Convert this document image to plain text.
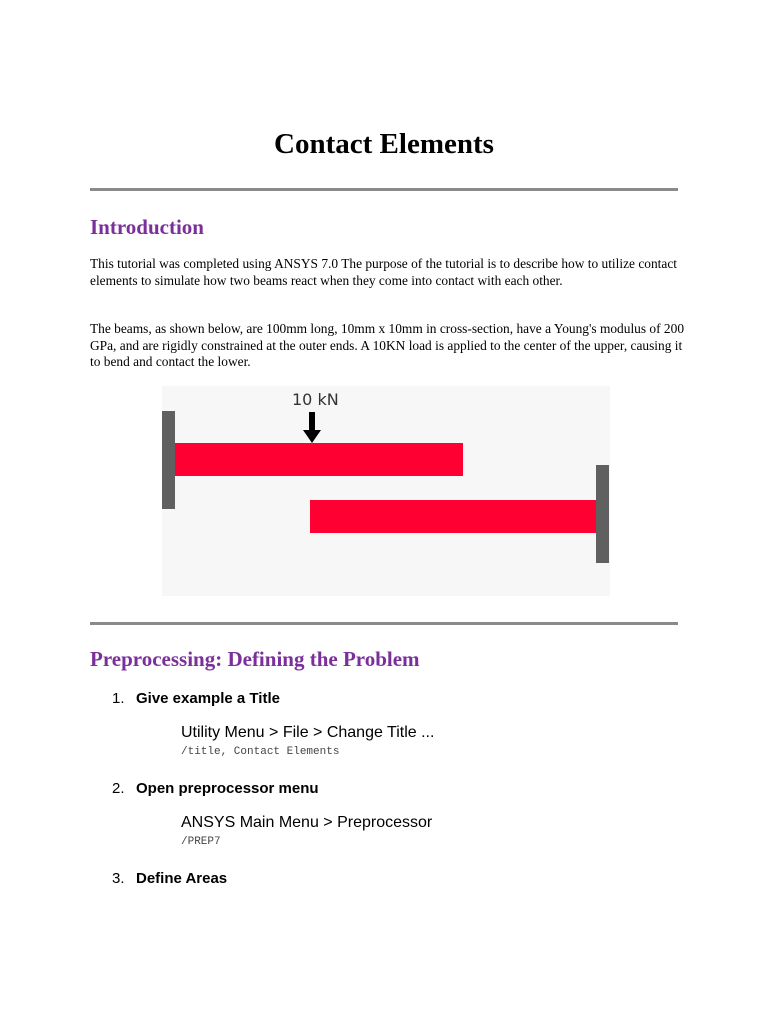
Contact Elements
Introduction

This tutorial was completed using ANSYS 7.0 The purpose of the tutorial is to describe how to utilize contact elements to simulate how two beams react when they come into contact with each other.

The beams, as shown below, are 100mm long, 10mm x 10mm in cross-section, have a Young's modulus of 200 GPa, and are rigidly constrained at the outer ends. A 10KN load is applied to the center of the upper, causing it to bend and contact the lower.

10 kN
Preprocessing: Defining the Problem
1. Give example a Title
Utility Menu > File > Change Title ...
/title, Contact Elements
2. Open preprocessor menu
ANSYS Main Menu > Preprocessor
/PREP7
3. Define Areas
